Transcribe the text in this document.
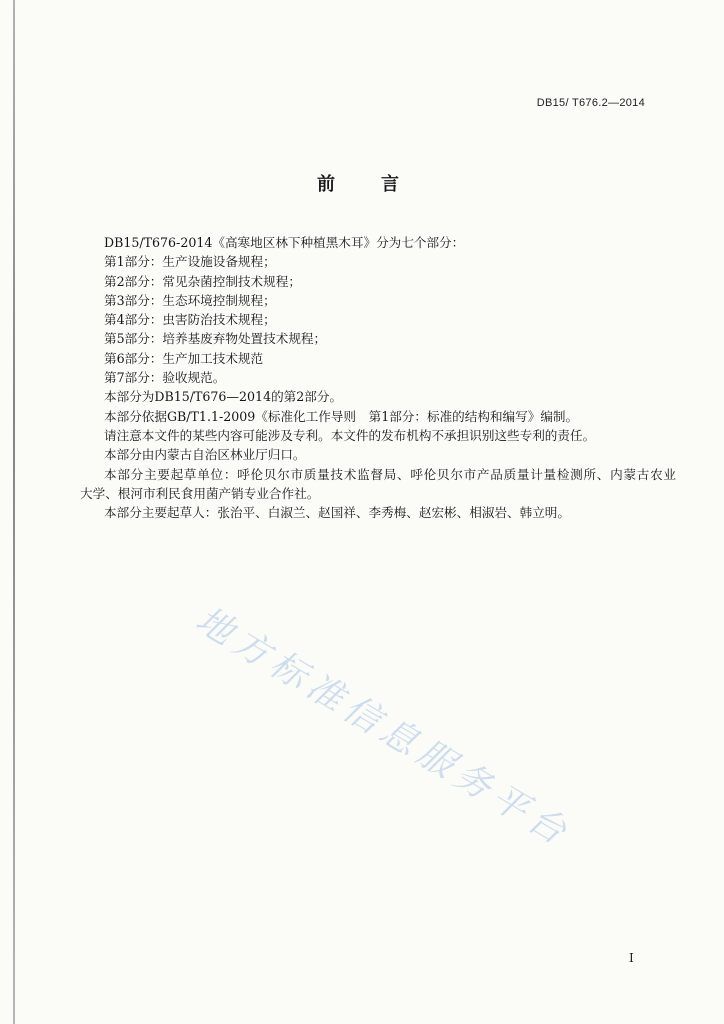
DB15/ T676.2—2014
前　言
DB15/T676-2014《高寒地区林下种植黑木耳》分为七个部分：
第1部分：生产设施设备规程；
第2部分：常见杂菌控制技术规程；
第3部分：生态环境控制规程；
第4部分：虫害防治技术规程；
第5部分：培养基废弃物处置技术规程；
第6部分：生产加工技术规范
第7部分：验收规范。
本部分为DB15/T676—2014的第2部分。
本部分依据GB/T1.1-2009《标准化工作导则　第1部分：标准的结构和编写》编制。
请注意本文件的某些内容可能涉及专利。本文件的发布机构不承担识别这些专利的责任。
本部分由内蒙古自治区林业厅归口。
本部分主要起草单位：呼伦贝尔市质量技术监督局、呼伦贝尔市产品质量计量检测所、内蒙古农业
大学、根河市利民食用菌产销专业合作社。
本部分主要起草人：张治平、白淑兰、赵国祥、李秀梅、赵宏彬、相淑岩、韩立明。
地方标准信息服务平台
I
